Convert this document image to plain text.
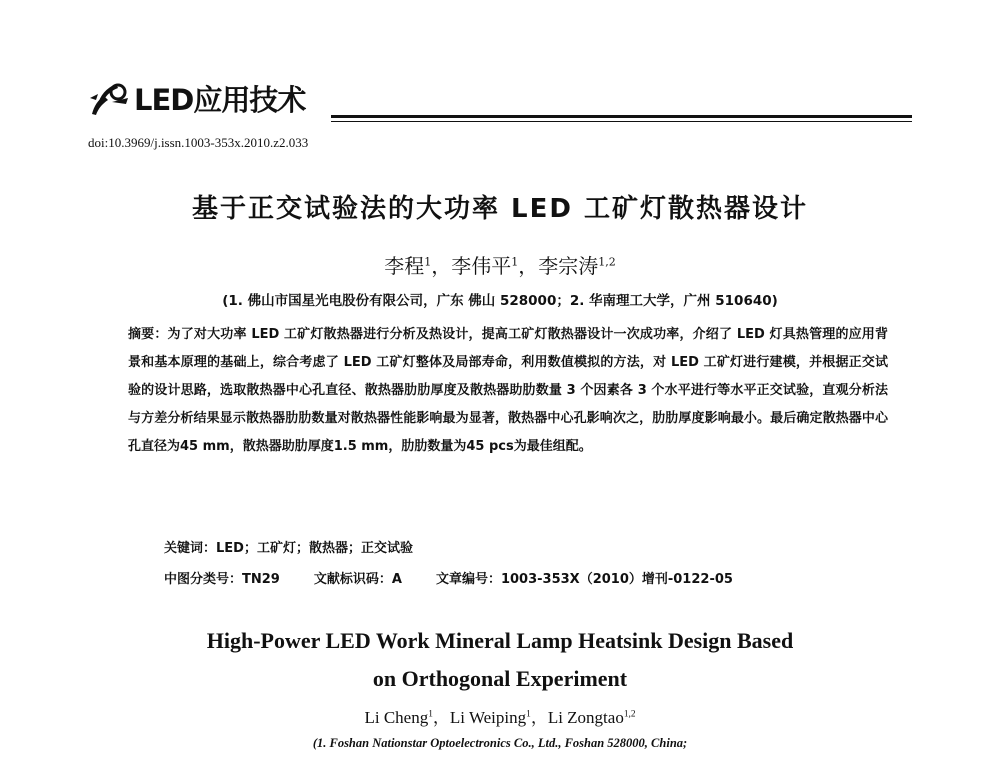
LED应用技术
doi:10.3969/j.issn.1003-353x.2010.z2.033
基于正交试验法的大功率 LED 工矿灯散热器设计
李程$^1$，李伟平$^1$，李宗涛$^{1,2}$
(1. 佛山市国星光电股份有限公司，广东 佛山 528000；2. 华南理工大学，广州 510640)
摘要：为了对大功率 LED 工矿灯散热器进行分析及热设计，提高工矿灯散热器设计一次成功率，介绍了 LED 灯具热管理的应用背景和基本原理的基础上，综合考虑了 LED 工矿灯整体及局部寿命，利用数值模拟的方法，对 LED 工矿灯进行建模，并根据正交试验的设计思路，选取散热器中心孔直径、散热器肋肋厚度及散热器助肋数量 3 个因素各 3 个水平进行等水平正交试验，直观分析法与方差分析结果显示散热器肋肋数量对散热器性能影响最为显著，散热器中心孔影响次之，肋肋厚度影响最小。最后确定散热器中心孔直径为45 mm，散热器助肋厚度1.5 mm，肋肋数量为45 pcs为最佳组配。
关键词：LED；工矿灯；散热器；正交试验
中图分类号：TN29	文献标识码：A	文章编号：1003-353X（2010）增刊-0122-05
High-Power LED Work Mineral Lamp Heatsink Design Based
on Orthogonal Experiment
Li Cheng$^1$，Li Weiping$^1$，Li Zongtao$^{1,2}$
(1. Foshan Nationstar Optoelectronics Co., Ltd., Foshan 528000, China;
